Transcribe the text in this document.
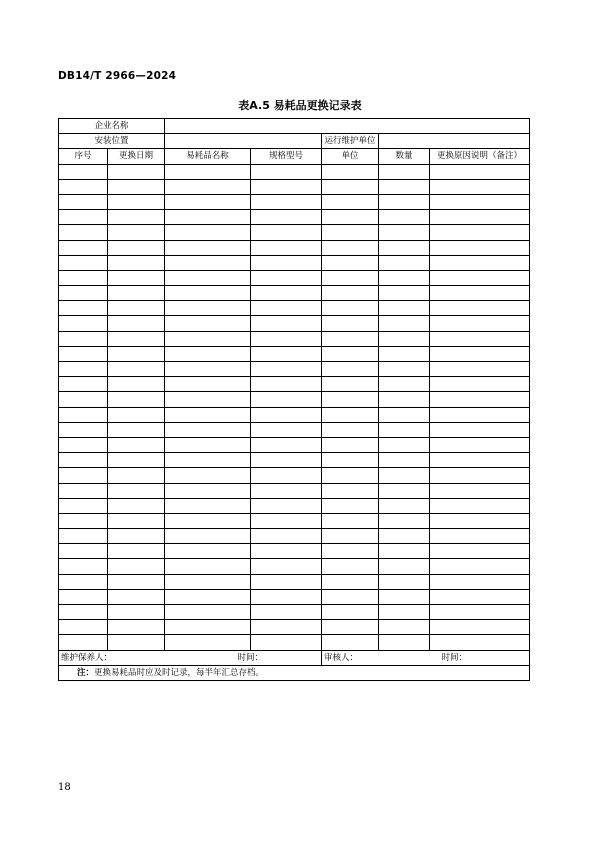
DB14/T 2966—2024
表A.5 易耗品更换记录表
企业名称						
安装位置				运行维护单位		
序号	更换日期	易耗品名称	规格型号	单位	数量	更换原因说明（备注）

维护保养人： 时间：				审核人： 时间：		

注：更换易耗品时应及时记录，每半年汇总存档。						
18
